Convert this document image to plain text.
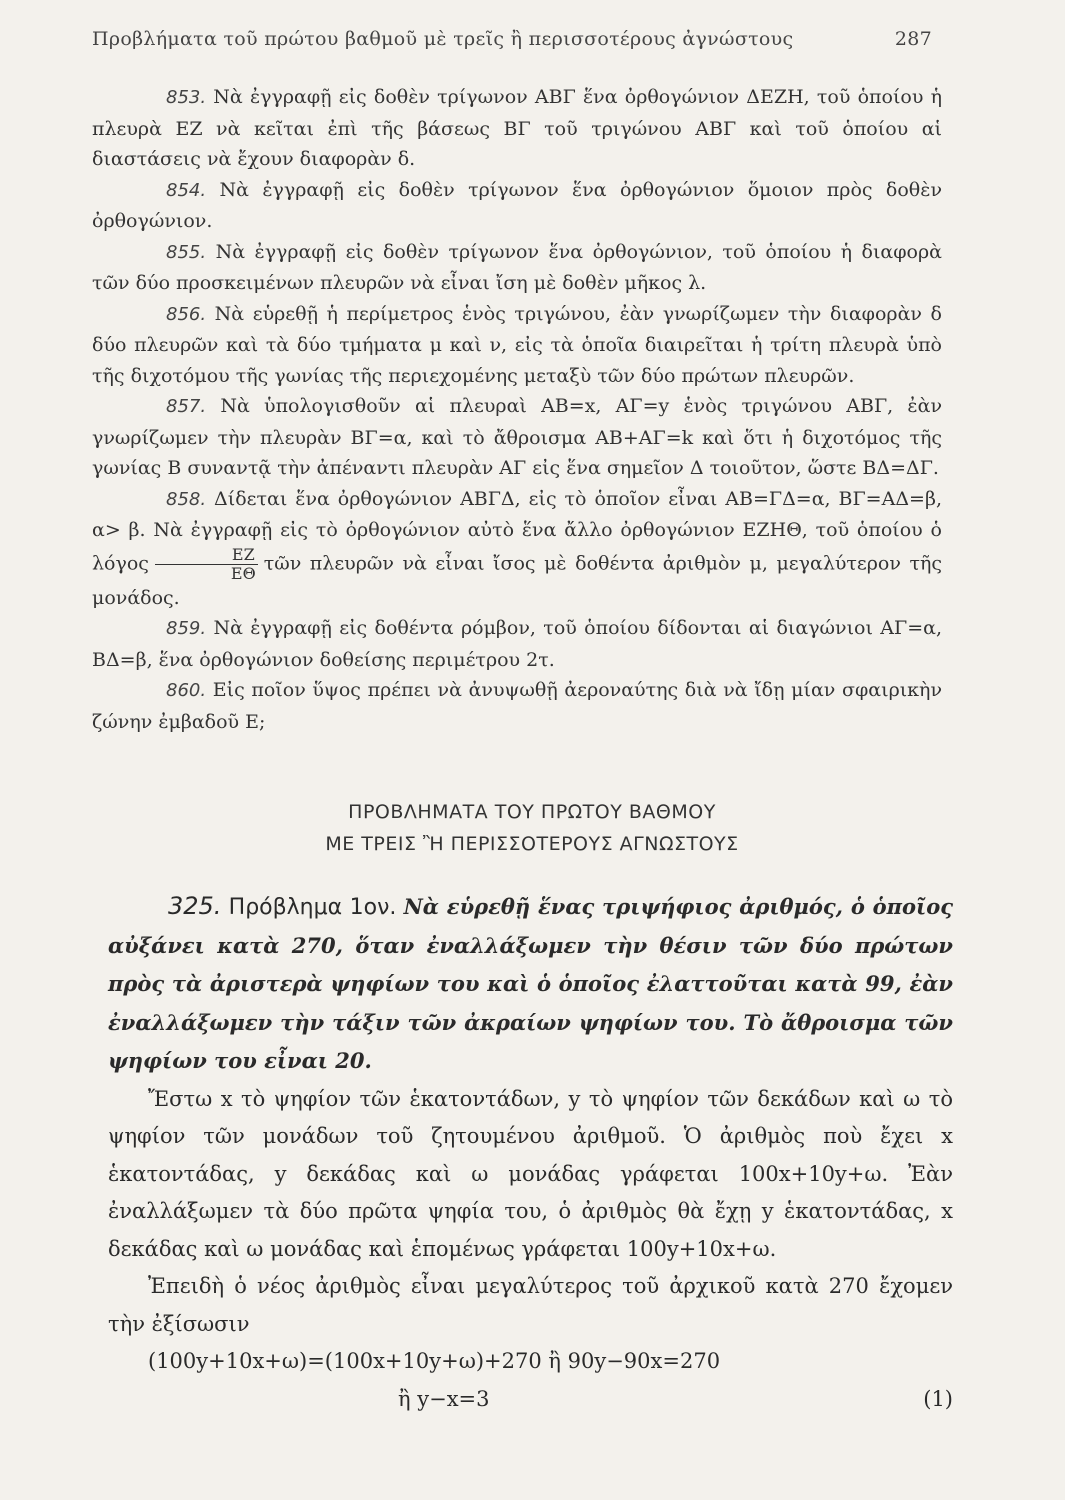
Προβλήματα τοῦ πρώτου βαθμοῦ μὲ τρεῖς ἢ περισσοτέρους ἀγνώστους	287

853. Νὰ ἐγγραφῇ εἰς δοθὲν τρίγωνον ΑΒΓ ἕνα ὀρθογώνιον ΔΕΖΗ, τοῦ ὁποίου ἡ πλευρὰ ΕΖ νὰ κεῖται ἐπὶ τῆς βάσεως ΒΓ τοῦ τριγώνου ΑΒΓ καὶ τοῦ ὁποίου αἱ διαστάσεις νὰ ἔχουν διαφορὰν δ.

854. Νὰ ἐγγραφῇ εἰς δοθὲν τρίγωνον ἕνα ὀρθογώνιον ὅμοιον πρὸς δοθὲν ὀρθογώνιον.

855. Νὰ ἐγγραφῇ εἰς δοθὲν τρίγωνον ἕνα ὀρθογώνιον, τοῦ ὁποίου ἡ διαφορὰ τῶν δύο προσκειμένων πλευρῶν νὰ εἶναι ἴση μὲ δοθὲν μῆκος λ.

856. Νὰ εὑρεθῇ ἡ περίμετρος ἑνὸς τριγώνου, ἐὰν γνωρίζωμεν τὴν διαφορὰν δ δύο πλευρῶν καὶ τὰ δύο τμήματα μ καὶ ν, εἰς τὰ ὁποῖα διαιρεῖται ἡ τρίτη πλευρὰ ὑπὸ τῆς διχοτόμου τῆς γωνίας τῆς περιεχομένης μεταξὺ τῶν δύο πρώτων πλευρῶν.

857. Νὰ ὑπολογισθοῦν αἱ πλευραὶ ΑΒ=x, ΑΓ=y ἑνὸς τριγώνου ΑΒΓ, ἐὰν γνωρίζωμεν τὴν πλευρὰν ΒΓ=α, καὶ τὸ ἄθροισμα ΑΒ+ΑΓ=k καὶ ὅτι ἡ διχοτόμος τῆς γωνίας Β συναντᾷ τὴν ἀπέναντι πλευρὰν ΑΓ εἰς ἕνα σημεῖον Δ τοιοῦτον, ὥστε ΒΔ=ΔΓ.

858. Δίδεται ἕνα ὀρθογώνιον ΑΒΓΔ, εἰς τὸ ὁποῖον εἶναι ΑΒ=ΓΔ=α, ΒΓ=ΑΔ=β, α> β. Νὰ ἐγγραφῇ εἰς τὸ ὀρθογώνιον αὐτὸ ἕνα ἄλλο ὀρθογώνιον ΕΖΗΘ, τοῦ ὁποίου ὁ λόγος $\frac{EZ}{E\Theta}$ τῶν πλευρῶν νὰ εἶναι ἴσος μὲ δοθέντα ἀριθμὸν μ, μεγαλύτερον τῆς μονάδος.

859. Νὰ ἐγγραφῇ εἰς δοθέντα ρόμβον, τοῦ ὁποίου δίδονται αἱ διαγώνιοι ΑΓ=α, ΒΔ=β, ἕνα ὀρθογώνιον δοθείσης περιμέτρου 2τ.

860. Εἰς ποῖον ὕψος πρέπει νὰ ἀνυψωθῇ ἀεροναύτης διὰ νὰ ἴδῃ μίαν σφαιρικὴν ζώνην ἐμβαδοῦ Ε;

ΠΡΟΒΛΗΜΑΤΑ ΤΟΥ ΠΡΩΤΟΥ ΒΑΘΜΟΥ
ΜΕ ΤΡΕΙΣ Ἢ ΠΕΡΙΣΣΟΤΕΡΟΥΣ ΑΓΝΩΣΤΟΥΣ

325. Πρόβλημα 1ον. Νὰ εὑρεθῇ ἕνας τριψήφιος ἀριθμός, ὁ ὁποῖος αὐξάνει κατὰ 270, ὅταν ἐναλλάξωμεν τὴν θέσιν τῶν δύο πρώτων πρὸς τὰ ἀριστερὰ ψηφίων του καὶ ὁ ὁποῖος ἐλαττοῦται κατὰ 99, ἐὰν ἐναλλάξωμεν τὴν τάξιν τῶν ἀκραίων ψηφίων του. Τὸ ἄθροισμα τῶν ψηφίων του εἶναι 20.

Ἔστω x τὸ ψηφίον τῶν ἑκατοντάδων, y τὸ ψηφίον τῶν δεκάδων καὶ ω τὸ ψηφίον τῶν μονάδων τοῦ ζητουμένου ἀριθμοῦ. Ὁ ἀριθμὸς ποὺ ἔχει x ἑκατοντάδας, y δεκάδας καὶ ω μονάδας γράφεται 100x+10y+ω. Ἐὰν ἐναλλάξωμεν τὰ δύο πρῶτα ψηφία του, ὁ ἀριθμὸς θὰ ἔχῃ y ἑκατοντάδας, x δεκάδας καὶ ω μονάδας καὶ ἑπομένως γράφεται 100y+10x+ω.

Ἐπειδὴ ὁ νέος ἀριθμὸς εἶναι μεγαλύτερος τοῦ ἀρχικοῦ κατὰ 270 ἔχομεν τὴν ἐξίσωσιν

(100y+10x+ω)=(100x+10y+ω)+270 ἢ 90y−90x=270

ἢ y−x=3	(1)
